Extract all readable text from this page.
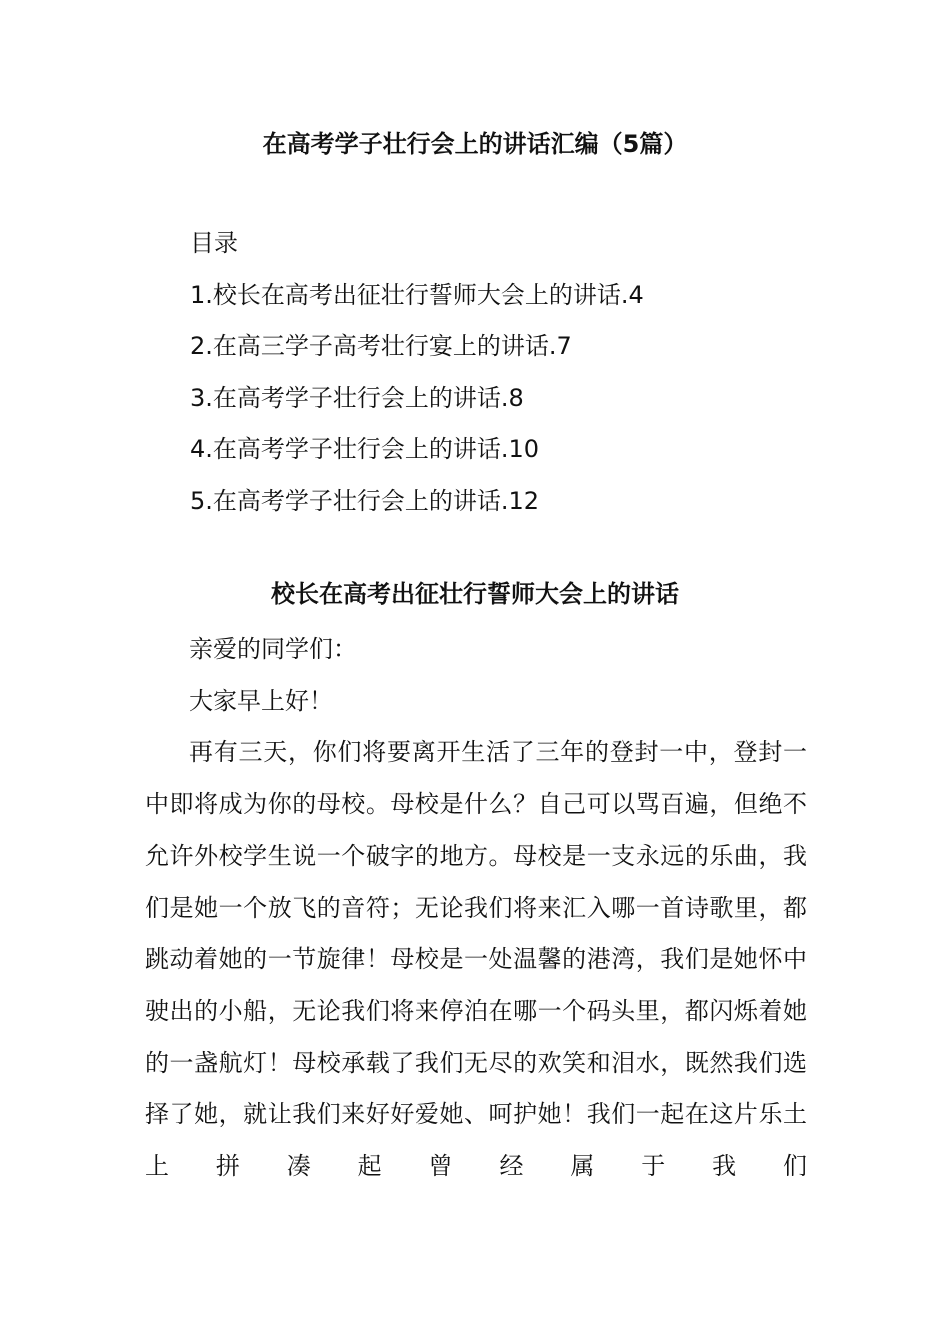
在高考学子壮行会上的讲话汇编（5篇）

目录

1.校长在高考出征壮行誓师大会上的讲话.4

2.在高三学子高考壮行宴上的讲话.7

3.在高考学子壮行会上的讲话.8

4.在高考学子壮行会上的讲话.10

5.在高考学子壮行会上的讲话.12

校长在高考出征壮行誓师大会上的讲话

亲爱的同学们：

大家早上好！

再有三天，你们将要离开生活了三年的登封一中，登封一中即将成为你的母校。母校是什么？自己可以骂百遍，但绝不允许外校学生说一个破字的地方。母校是一支永远的乐曲，我们是她一个放飞的音符；无论我们将来汇入哪一首诗歌里，都跳动着她的一节旋律！母校是一处温馨的港湾，我们是她怀中驶出的小船，无论我们将来停泊在哪一个码头里，都闪烁着她的一盏航灯！母校承载了我们无尽的欢笑和泪水，既然我们选择了她，就让我们来好好爱她、呵护她！我们一起在这片乐土上拼凑起曾经属于我们
